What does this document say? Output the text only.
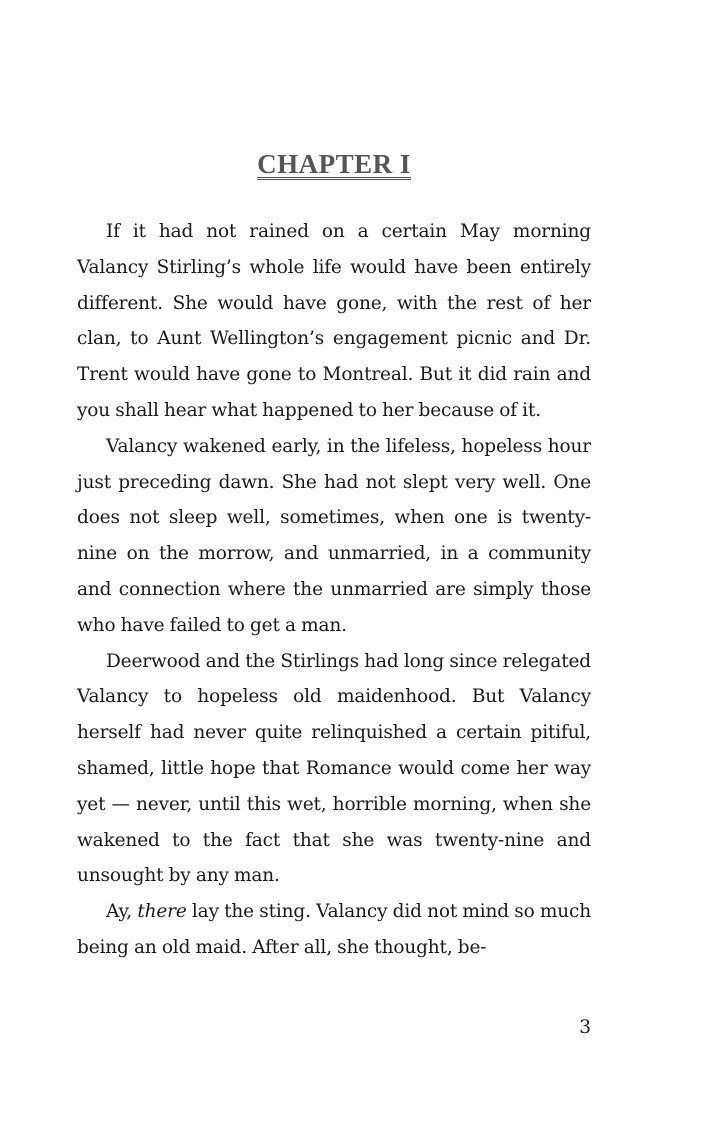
CHAPTER I

If it had not rained on a certain May morning Valancy Stirling’s whole life would have been entirely different. She would have gone, with the rest of her clan, to Aunt Wellington’s engagement picnic and Dr. Trent would have gone to Montreal. But it did rain and you shall hear what happened to her because of it.

Valancy wakened early, in the lifeless, hopeless hour just preceding dawn. She had not slept very well. One does not sleep well, sometimes, when one is twenty-nine on the morrow, and unmarried, in a community and connection where the unmarried are simply those who have failed to get a man.

Deerwood and the Stirlings had long since relegated Valancy to hopeless old maidenhood. But Valancy herself had never quite relinquished a certain pitiful, shamed, little hope that Romance would come her way yet — never, until this wet, horrible morning, when she wakened to the fact that she was twenty-nine and unsought by any man.

Ay, there lay the sting. Valancy did not mind so much being an old maid. After all, she thought, be-

3
